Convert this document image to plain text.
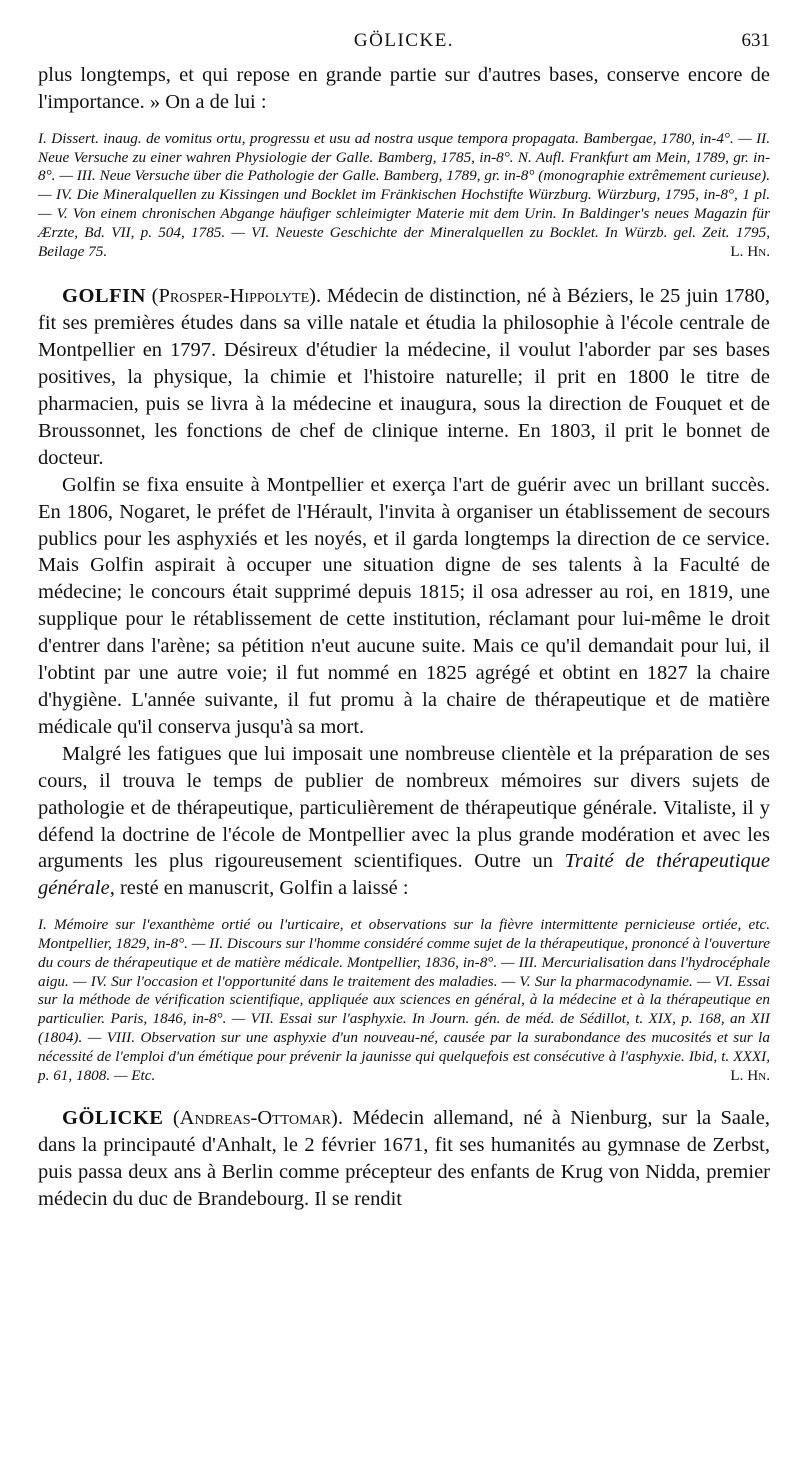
GÖLICKE.	631

plus longtemps, et qui repose en grande partie sur d'autres bases, conserve encore de l'importance. » On a de lui :

I. Dissert. inaug. de vomitus ortu, progressu et usu ad nostra usque tempora propagata. Bambergae, 1780, in-4°. — II. Neue Versuche zu einer wahren Physiologie der Galle. Bamberg, 1785, in-8°. N. Aufl. Frankfurt am Mein, 1789, gr. in-8°. — III. Neue Versuche über die Pathologie der Galle. Bamberg, 1789, gr. in-8° (monographie extrêmement curieuse). — IV. Die Mineralquellen zu Kissingen und Bocklet im Fränkischen Hochstifte Würzburg. Würzburg, 1795, in-8°, 1 pl. — V. Von einem chronischen Abgange häufiger schleimigter Materie mit dem Urin. In Baldinger's neues Magazin für Ærzte, Bd. VII, p. 504, 1785. — VI. Neueste Geschichte der Mineralquellen zu Bocklet. In Würzb. gel. Zeit. 1795, Beilage 75.	L. Hn.

GOLFIN (Prosper-Hippolyte). Médecin de distinction, né à Béziers, le 25 juin 1780, fit ses premières études dans sa ville natale et étudia la philosophie à l'école centrale de Montpellier en 1797. Désireux d'étudier la médecine, il voulut l'aborder par ses bases positives, la physique, la chimie et l'histoire naturelle; il prit en 1800 le titre de pharmacien, puis se livra à la médecine et inaugura, sous la direction de Fouquet et de Broussonnet, les fonctions de chef de clinique interne. En 1803, il prit le bonnet de docteur.

Golfin se fixa ensuite à Montpellier et exerça l'art de guérir avec un brillant succès. En 1806, Nogaret, le préfet de l'Hérault, l'invita à organiser un établissement de secours publics pour les asphyxiés et les noyés, et il garda longtemps la direction de ce service. Mais Golfin aspirait à occuper une situation digne de ses talents à la Faculté de médecine; le concours était supprimé depuis 1815; il osa adresser au roi, en 1819, une supplique pour le rétablissement de cette institution, réclamant pour lui-même le droit d'entrer dans l'arène; sa pétition n'eut aucune suite. Mais ce qu'il demandait pour lui, il l'obtint par une autre voie; il fut nommé en 1825 agrégé et obtint en 1827 la chaire d'hygiène. L'année suivante, il fut promu à la chaire de thérapeutique et de matière médicale qu'il conserva jusqu'à sa mort.

Malgré les fatigues que lui imposait une nombreuse clientèle et la préparation de ses cours, il trouva le temps de publier de nombreux mémoires sur divers sujets de pathologie et de thérapeutique, particulièrement de thérapeutique générale. Vitaliste, il y défend la doctrine de l'école de Montpellier avec la plus grande modération et avec les arguments les plus rigoureusement scientifiques. Outre un Traité de thérapeutique générale, resté en manuscrit, Golfin a laissé :

I. Mémoire sur l'exanthème ortié ou l'urticaire, et observations sur la fièvre intermittente pernicieuse ortiée, etc. Montpellier, 1829, in-8°. — II. Discours sur l'homme considéré comme sujet de la thérapeutique, prononcé à l'ouverture du cours de thérapeutique et de matière médicale. Montpellier, 1836, in-8°. — III. Mercurialisation dans l'hydrocéphale aigu. — IV. Sur l'occasion et l'opportunité dans le traitement des maladies. — V. Sur la pharmacodynamie. — VI. Essai sur la méthode de vérification scientifique, appliquée aux sciences en général, à la médecine et à la thérapeutique en particulier. Paris, 1846, in-8°. — VII. Essai sur l'asphyxie. In Journ. gén. de méd. de Sédillot, t. XIX, p. 168, an XII (1804). — VIII. Observation sur une asphyxie d'un nouveau-né, causée par la surabondance des mucosités et sur la nécessité de l'emploi d'un émétique pour prévenir la jaunisse qui quelquefois est consécutive à l'asphyxie. Ibid, t. XXXI, p. 61, 1808. — Etc.	L. Hn.

GÖLICKE (Andreas-Ottomar). Médecin allemand, né à Nienburg, sur la Saale, dans la principauté d'Anhalt, le 2 février 1671, fit ses humanités au gymnase de Zerbst, puis passa deux ans à Berlin comme précepteur des enfants de Krug von Nidda, premier médecin du duc de Brandebourg. Il se rendit
